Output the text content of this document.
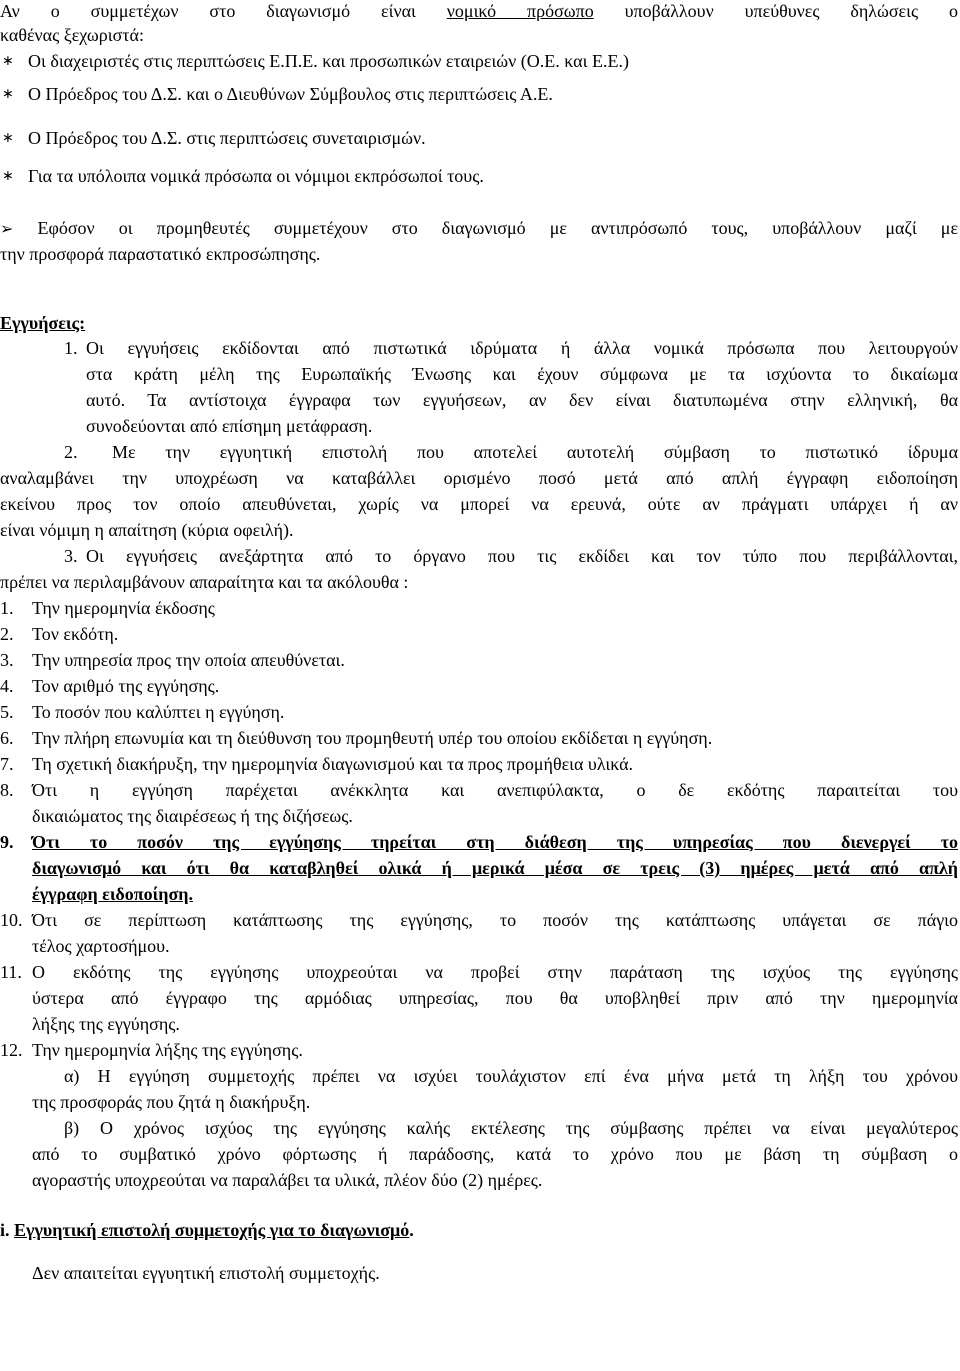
Αν ο συμμετέχων στο διαγωνισμό είναι νομικό πρόσωπο υποβάλλουν υπεύθυνες δηλώσεις ο
καθένας ξεχωριστά:
∗ Οι διαχειριστές στις περιπτώσεις Ε.Π.Ε. και προσωπικών εταιρειών (Ο.Ε. και Ε.Ε.)
∗ Ο Πρόεδρος του Δ.Σ. και ο Διευθύνων Σύμβουλος στις περιπτώσεις Α.Ε.
∗ Ο Πρόεδρος του Δ.Σ. στις περιπτώσεις συνεταιρισμών.
∗ Για τα υπόλοιπα νομικά πρόσωπα οι νόμιμοι εκπρόσωποί τους.
➢ Εφόσον οι προμηθευτές συμμετέχουν στο διαγωνισμό με αντιπρόσωπό τους, υποβάλλουν μαζί με
την προσφορά παραστατικό εκπροσώπησης.
Εγγυήσεις:
1. Οι εγγυήσεις εκδίδονται από πιστωτικά ιδρύματα ή άλλα νομικά πρόσωπα που λειτουργούν
στα κράτη μέλη της Ευρωπαϊκής Ένωσης και έχουν σύμφωνα με τα ισχύοντα το δικαίωμα
αυτό. Τα αντίστοιχα έγγραφα των εγγυήσεων, αν δεν είναι διατυπωμένα στην ελληνική, θα
συνοδεύονται από επίσημη μετάφραση.
2. Με την εγγυητική επιστολή που αποτελεί αυτοτελή σύμβαση το πιστωτικό ίδρυμα
αναλαμβάνει την υποχρέωση να καταβάλλει ορισμένο ποσό μετά από απλή έγγραφη ειδοποίηση
εκείνου προς τον οποίο απευθύνεται, χωρίς να μπορεί να ερευνά, ούτε αν πράγματι υπάρχει ή αν
είναι νόμιμη η απαίτηση (κύρια οφειλή).
3. Οι εγγυήσεις ανεξάρτητα από το όργανο που τις εκδίδει και τον τύπο που περιβάλλονται,
πρέπει να περιλαμβάνουν απαραίτητα και τα ακόλουθα :
1. Την ημερομηνία έκδοσης
2. Τον εκδότη.
3. Την υπηρεσία προς την οποία απευθύνεται.
4. Τον αριθμό της εγγύησης.
5. Το ποσόν που καλύπτει η εγγύηση.
6. Την πλήρη επωνυμία και τη διεύθυνση του προμηθευτή υπέρ του οποίου εκδίδεται η εγγύηση.
7. Τη σχετική διακήρυξη, την ημερομηνία διαγωνισμού και τα προς προμήθεια υλικά.
8. Ότι η εγγύηση παρέχεται ανέκκλητα και ανεπιφύλακτα, ο δε εκδότης παραιτείται του
δικαιώματος της διαιρέσεως ή της διζήσεως.
9. Ότι το ποσόν της εγγύησης τηρείται στη διάθεση της υπηρεσίας που διενεργεί το
διαγωνισμό και ότι θα καταβληθεί ολικά ή μερικά μέσα σε τρεις (3) ημέρες μετά από απλή
έγγραφη ειδοποίηση.
10. Ότι σε περίπτωση κατάπτωσης της εγγύησης, το ποσόν της κατάπτωσης υπάγεται σε πάγιο
τέλος χαρτοσήμου.
11. Ο εκδότης της εγγύησης υποχρεούται να προβεί στην παράταση της ισχύος της εγγύησης
ύστερα από έγγραφο της αρμόδιας υπηρεσίας, που θα υποβληθεί πριν από την ημερομηνία
λήξης της εγγύησης.
12. Την ημερομηνία λήξης της εγγύησης.
α) Η εγγύηση συμμετοχής πρέπει να ισχύει τουλάχιστον επί ένα μήνα μετά τη λήξη του χρόνου
της προσφοράς που ζητά η διακήρυξη.
β) Ο χρόνος ισχύος της εγγύησης καλής εκτέλεσης της σύμβασης πρέπει να είναι μεγαλύτερος
από το συμβατικό χρόνο φόρτωσης ή παράδοσης, κατά το χρόνο που με βάση τη σύμβαση ο
αγοραστής υποχρεούται να παραλάβει τα υλικά, πλέον δύο (2) ημέρες.
i. Εγγυητική επιστολή συμμετοχής για το διαγωνισμό.
Δεν απαιτείται εγγυητική επιστολή συμμετοχής.
